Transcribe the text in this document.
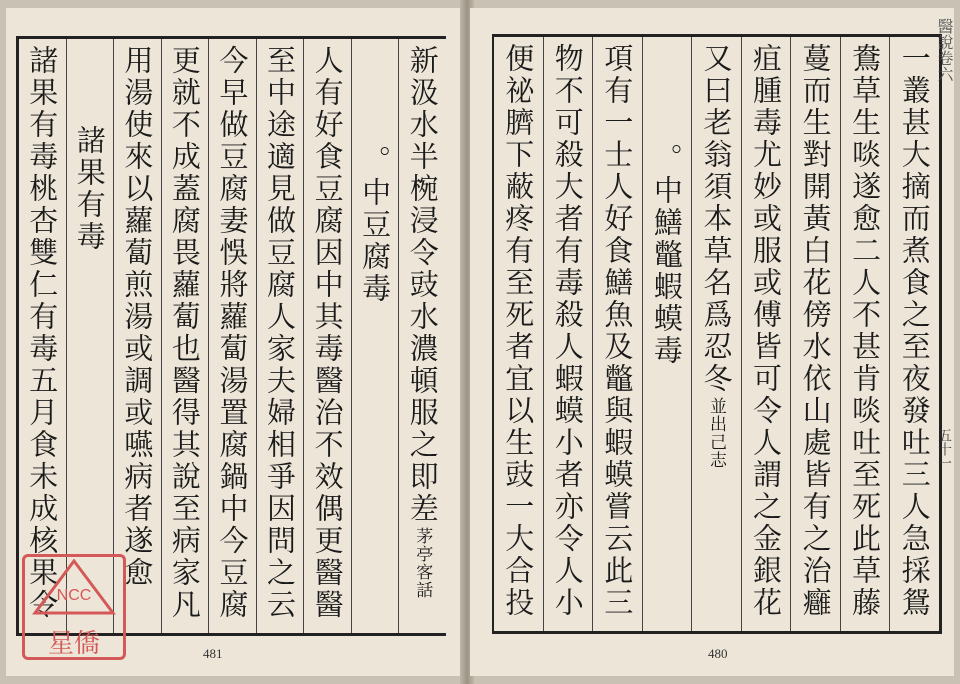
新汲水半椀浸令豉水濃頓服之即差
茅亭客話
。中豆腐毒
人有好食豆腐因中其毒醫治不效偶更醫醫
至中途適見做豆腐人家夫婦相爭因問之云
今早做豆腐妻悞將蘿蔔湯置腐鍋中今豆腐
更就不成蓋腐畏蘿蔔也醫得其說至病家凡
用湯使來以蘿蔔煎湯或調或嚥病者遂愈
諸果有毒
諸果有毒桃杏雙仁有毒五月食未成核果令
481
NCC
星僑
一叢甚大摘而煮食之至夜發吐三人急採鴛
鴦草生啖遂愈二人不甚肯啖吐至死此草藤
蔓而生對開黃白花傍水依山處皆有之治癰
疽腫毒尤妙或服或傅皆可令人謂之金銀花
又曰老翁須本草名爲忍冬
並出己志
。中鱔鼈蝦蟆毒
項有一士人好食鱔魚及鼈與蝦蟆嘗云此三
物不可殺大者有毒殺人蝦蟆小者亦令人小
便祕臍下蔽疼有至死者宜以生豉一大合投	醫說卷六
五十一
480
